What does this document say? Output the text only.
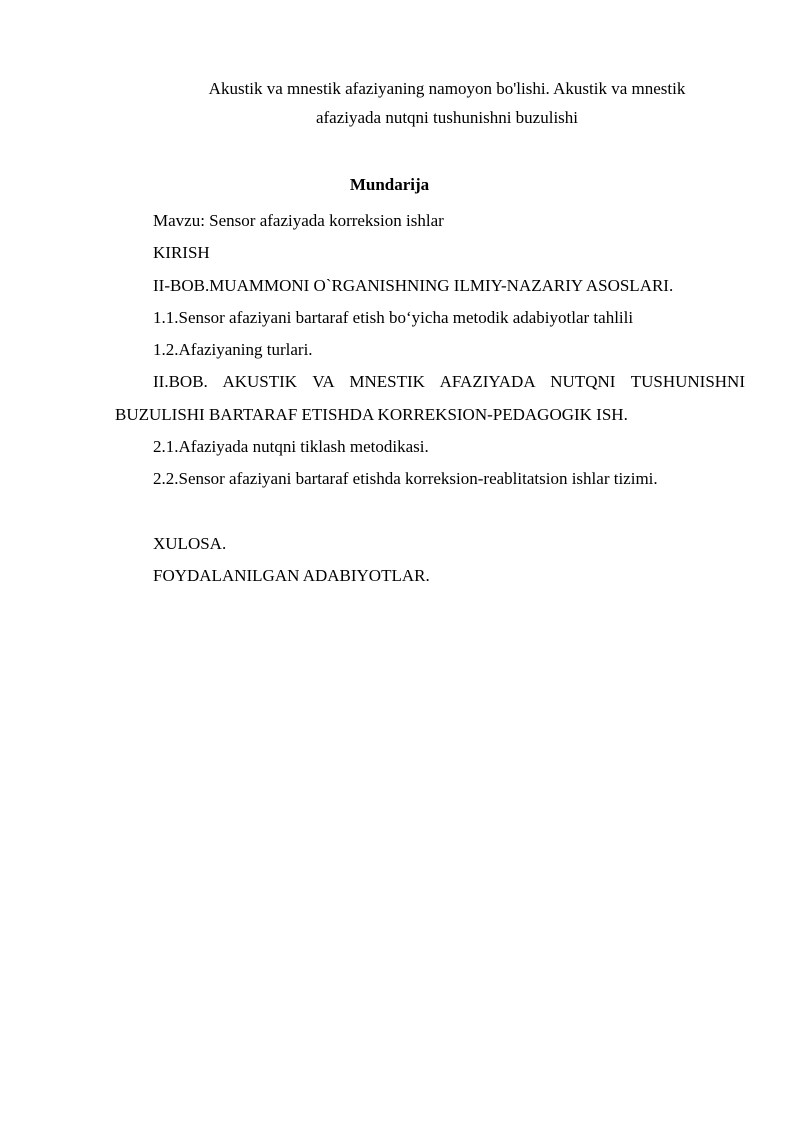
Akustik va mnestik afaziyaning namoyon bo'lishi. Akustik va mnestik
afaziyada nutqni tushunishni buzulishi
Mundarija
Mavzu: Sensor afaziyada korreksion ishlar
KIRISH
II-BOB.MUAMMONI O`RGANISHNING ILMIY-NAZARIY ASOSLARI.
1.1.Sensor afaziyani bartaraf etish bo‘yicha metodik adabiyotlar tahlili
1.2.Afaziyaning turlari.
II.BOB. AKUSTIK VA MNESTIK AFAZIYADA NUTQNI TUSHUNISHNI BUZULISHI BARTARAF ETISHDA KORREKSION-PEDAGOGIK ISH.
2.1.Afaziyada nutqni tiklash metodikasi.
2.2.Sensor afaziyani bartaraf etishda korreksion-reablitatsion ishlar tizimi.
XULOSA.
FOYDALANILGAN ADABIYOTLAR.
